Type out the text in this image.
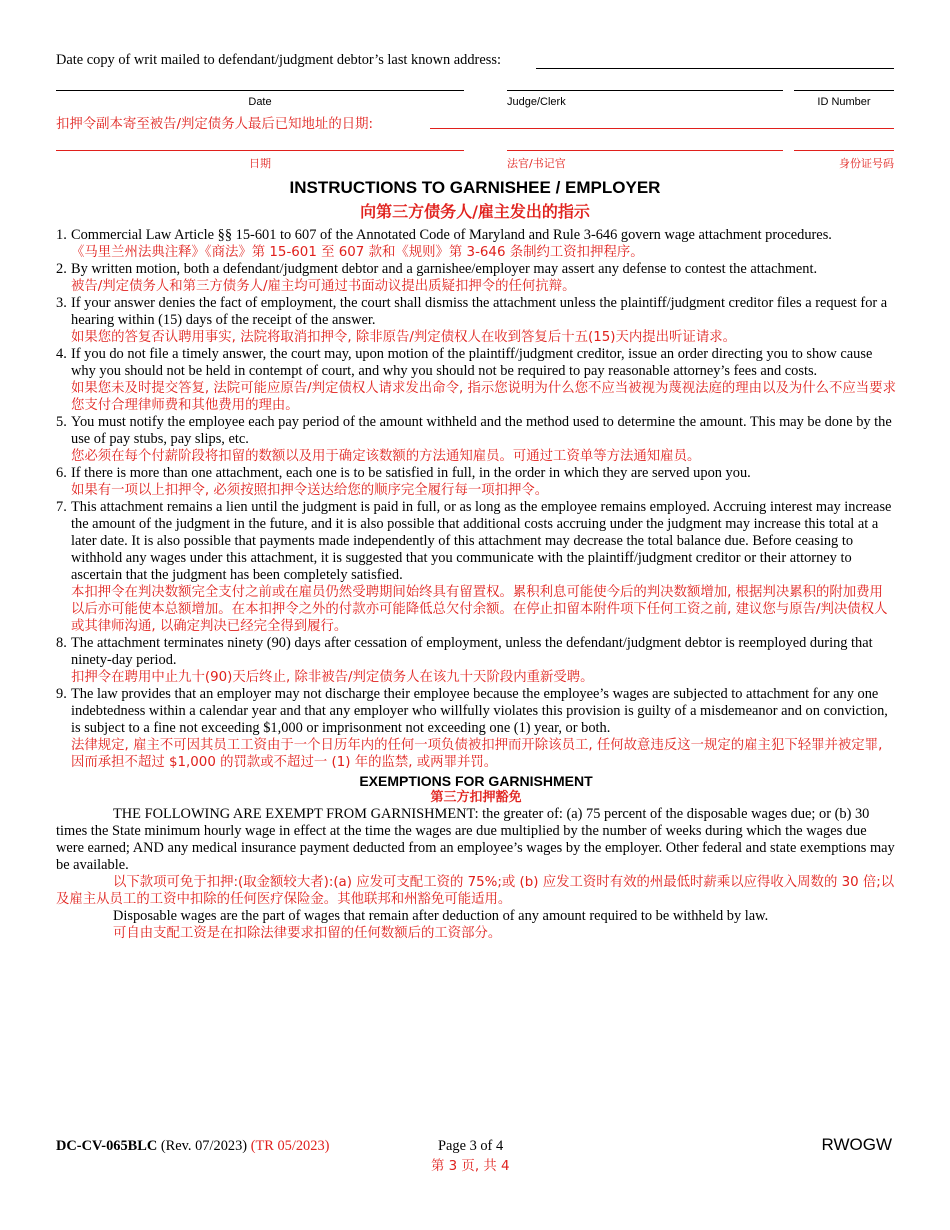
Date copy of writ mailed to defendant/judgment debtor’s last known address:
Date	Judge/Clerk	ID Number
扣押令副本寄至被告/判定债务人最后已知地址的日期:
日期	法官/书记官	身份证号码
INSTRUCTIONS TO GARNISHEE / EMPLOYER
向第三方债务人/雇主发出的指示
1. Commercial Law Article §§ 15-601 to 607 of the Annotated Code of Maryland and Rule 3-646 govern wage attachment procedures.
《马里兰州法典注释》《商法》第 15-601 至 607 款和《规则》第 3-646 条制约工资扣押程序。
2. By written motion, both a defendant/judgment debtor and a garnishee/employer may assert any defense to contest the attachment.
被告/判定债务人和第三方债务人/雇主均可通过书面动议提出质疑扣押令的任何抗辩。
3. If your answer denies the fact of employment, the court shall dismiss the attachment unless the plaintiff/judgment creditor files a request for a hearing within (15) days of the receipt of the answer.
如果您的答复否认聘用事实, 法院将取消扣押令, 除非原告/判定债权人在收到答复后十五(15)天内提出听证请求。
4. If you do not file a timely answer, the court may, upon motion of the plaintiff/judgment creditor, issue an order directing you to show cause why you should not be held in contempt of court, and why you should not be required to pay reasonable attorney’s fees and costs.
如果您未及时提交答复, 法院可能应原告/判定债权人请求发出命令, 指示您说明为什么您不应当被视为蔑视法庭的理由以及为什么不应当要求您支付合理律师费和其他费用的理由。
5. You must notify the employee each pay period of the amount withheld and the method used to determine the amount. This may be done by the use of pay stubs, pay slips, etc.
您必须在每个付薪阶段将扣留的数额以及用于确定该数额的方法通知雇员。可通过工资单等方法通知雇员。
6. If there is more than one attachment, each one is to be satisfied in full, in the order in which they are served upon you.
如果有一项以上扣押令, 必须按照扣押令送达给您的顺序完全履行每一项扣押令。
7. This attachment remains a lien until the judgment is paid in full, or as long as the employee remains employed. Accruing interest may increase the amount of the judgment in the future, and it is also possible that additional costs accruing under the judgment may increase this total at a later date. It is also possible that payments made independently of this attachment may decrease the total balance due. Before ceasing to withhold any wages under this attachment, it is suggested that you communicate with the plaintiff/judgment creditor or their attorney to ascertain that the judgment has been completely satisfied.
本扣押令在判决数额完全支付之前或在雇员仍然受聘期间始终具有留置权。累积利息可能使今后的判决数额增加, 根据判决累积的附加费用以后亦可能使本总额增加。在本扣押令之外的付款亦可能降低总欠付余额。在停止扣留本附件项下任何工资之前, 建议您与原告/判决债权人或其律师沟通, 以确定判决已经完全得到履行。
8. The attachment terminates ninety (90) days after cessation of employment, unless the defendant/judgment debtor is reemployed during that ninety-day period.
扣押令在聘用中止九十(90)天后终止, 除非被告/判定债务人在该九十天阶段内重新受聘。
9. The law provides that an employer may not discharge their employee because the employee’s wages are subjected to attachment for any one indebtedness within a calendar year and that any employer who willfully violates this provision is guilty of a misdemeanor and on conviction, is subject to a fine not exceeding $1,000 or imprisonment not exceeding one (1) year, or both.
法律规定, 雇主不可因其员工工资由于一个日历年内的任何一项负债被扣押而开除该员工, 任何故意违反这一规定的雇主犯下轻罪并被定罪, 因而承担不超过 $1,000 的罚款或不超过一 (1) 年的监禁, 或两罪并罚。
EXEMPTIONS FOR GARNISHMENT
第三方扣押豁免
THE FOLLOWING ARE EXEMPT FROM GARNISHMENT: the greater of: (a) 75 percent of the disposable wages due; or (b) 30 times the State minimum hourly wage in effect at the time the wages are due multiplied by the number of weeks during which the wages due were earned; AND any medical insurance payment deducted from an employee’s wages by the employer. Other federal and state exemptions may be available.
以下款项可免于扣押:(取金额较大者):(a) 应发可支配工资的 75%;或 (b) 应发工资时有效的州最低时薪乘以应得收入周数的 30 倍;以及雇主从员工的工资中扣除的任何医疗保险金。其他联邦和州豁免可能适用。
Disposable wages are the part of wages that remain after deduction of any amount required to be withheld by law.
可自由支配工资是在扣除法律要求扣留的任何数额后的工资部分。
DC-CV-065BLC (Rev. 07/2023) (TR 05/2023)	Page 3 of 4
第 3 页, 共 4
RWOGW
